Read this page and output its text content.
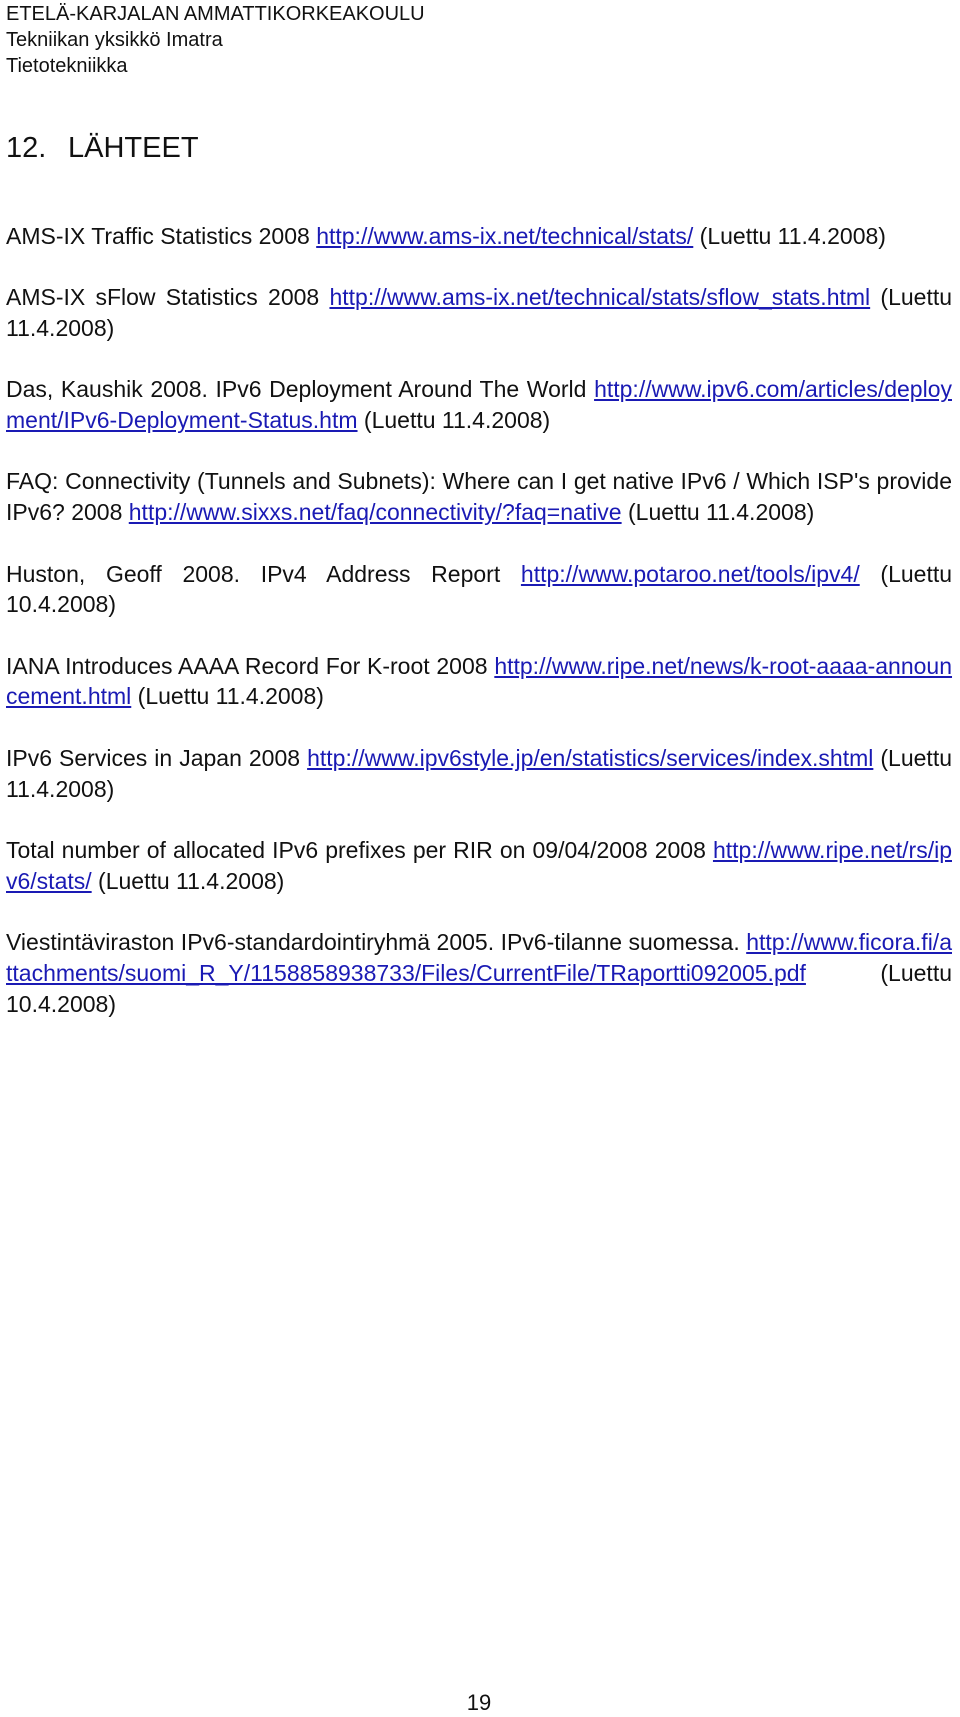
ETELÄ-KARJALAN AMMATTIKORKEAKOULU
Tekniikan yksikkö Imatra
Tietotekniikka
12. LÄHTEET

AMS-IX Traffic Statistics 2008 http://www.ams-ix.net/technical/stats/ (Luettu 11.4.2008)

AMS-IX sFlow Statistics 2008 http://www.ams-ix.net/technical/stats/sflow_stats.html (Luettu 11.4.2008)

Das, Kaushik 2008. IPv6 Deployment Around The World http://www.ipv6.com/articles/deployment/IPv6-Deployment-Status.htm (Luettu 11.4.2008)

FAQ: Connectivity (Tunnels and Subnets): Where can I get native IPv6 / Which ISP's provide IPv6? 2008 http://www.sixxs.net/faq/connectivity/?faq=native (Luettu 11.4.2008)

Huston, Geoff 2008. IPv4 Address Report http://www.potaroo.net/tools/ipv4/ (Luettu 10.4.2008)

IANA Introduces AAAA Record For K-root 2008 http://www.ripe.net/news/k-root-aaaa-announcement.html (Luettu 11.4.2008)

IPv6 Services in Japan 2008 http://www.ipv6style.jp/en/statistics/services/index.shtml (Luettu 11.4.2008)

Total number of allocated IPv6 prefixes per RIR on 09/04/2008 2008 http://www.ripe.net/rs/ipv6/stats/ (Luettu 11.4.2008)

Viestintäviraston IPv6-standardointiryhmä 2005. IPv6-tilanne suomessa. http://www.ficora.fi/attachments/suomi_R_Y/1158858938733/Files/CurrentFile/TRaportti092005.pdf	(Luettu 10.4.2008)

19
